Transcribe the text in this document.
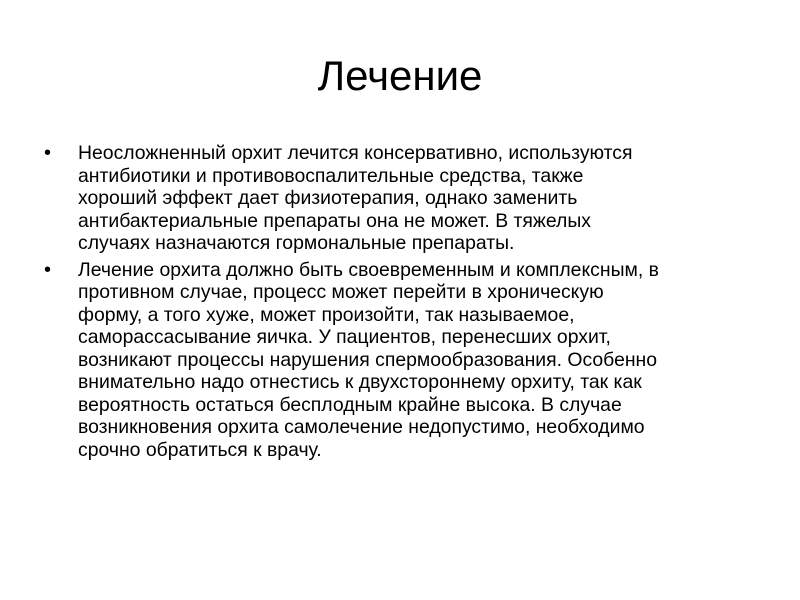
Лечение
• Неосложненный орхит лечится консервативно, используются
антибиотики и противовоспалительные средства, также
хороший эффект дает физиотерапия, однако заменить
антибактериальные препараты она не может. В тяжелых
случаях назначаются гормональные препараты.
• Лечение орхита должно быть своевременным и комплексным, в
противном случае, процесс может перейти в хроническую
форму, а того хуже, может произойти, так называемое,
саморассасывание яичка. У пациентов, перенесших орхит,
возникают процессы нарушения спермообразования. Особенно
внимательно надо отнестись к двухстороннему орхиту, так как
вероятность остаться бесплодным крайне высока. В случае
возникновения орхита самолечение недопустимо, необходимо
срочно обратиться к врачу.
